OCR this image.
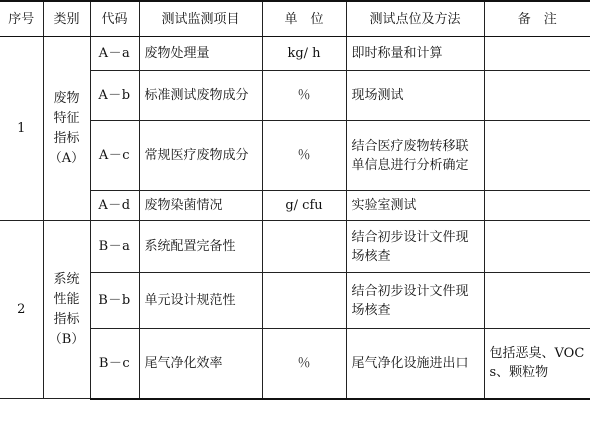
序号	类别	代码	测试监测项目	单　位	测试点位及方法	备　注
1	废物特征指标（A）	A－a	废物处理量	kg/ h	即时称量和计算	
		A－b	标准测试废物成分	％	现场测试	
		A－c	常规医疗废物成分	％	结合医疗废物转移联单信息进行分析确定	
		A－d	废物染菌情况	g/ cfu	实验室测试	
2	系统性能指标（B）	B－a	系统配置完备性		结合初步设计文件现场核查	
		B－b	单元设计规范性		结合初步设计文件现场核查	
		B－c	尾气净化效率	％	尾气净化设施进出口	包括恶臭、VOCs、颗粒物
